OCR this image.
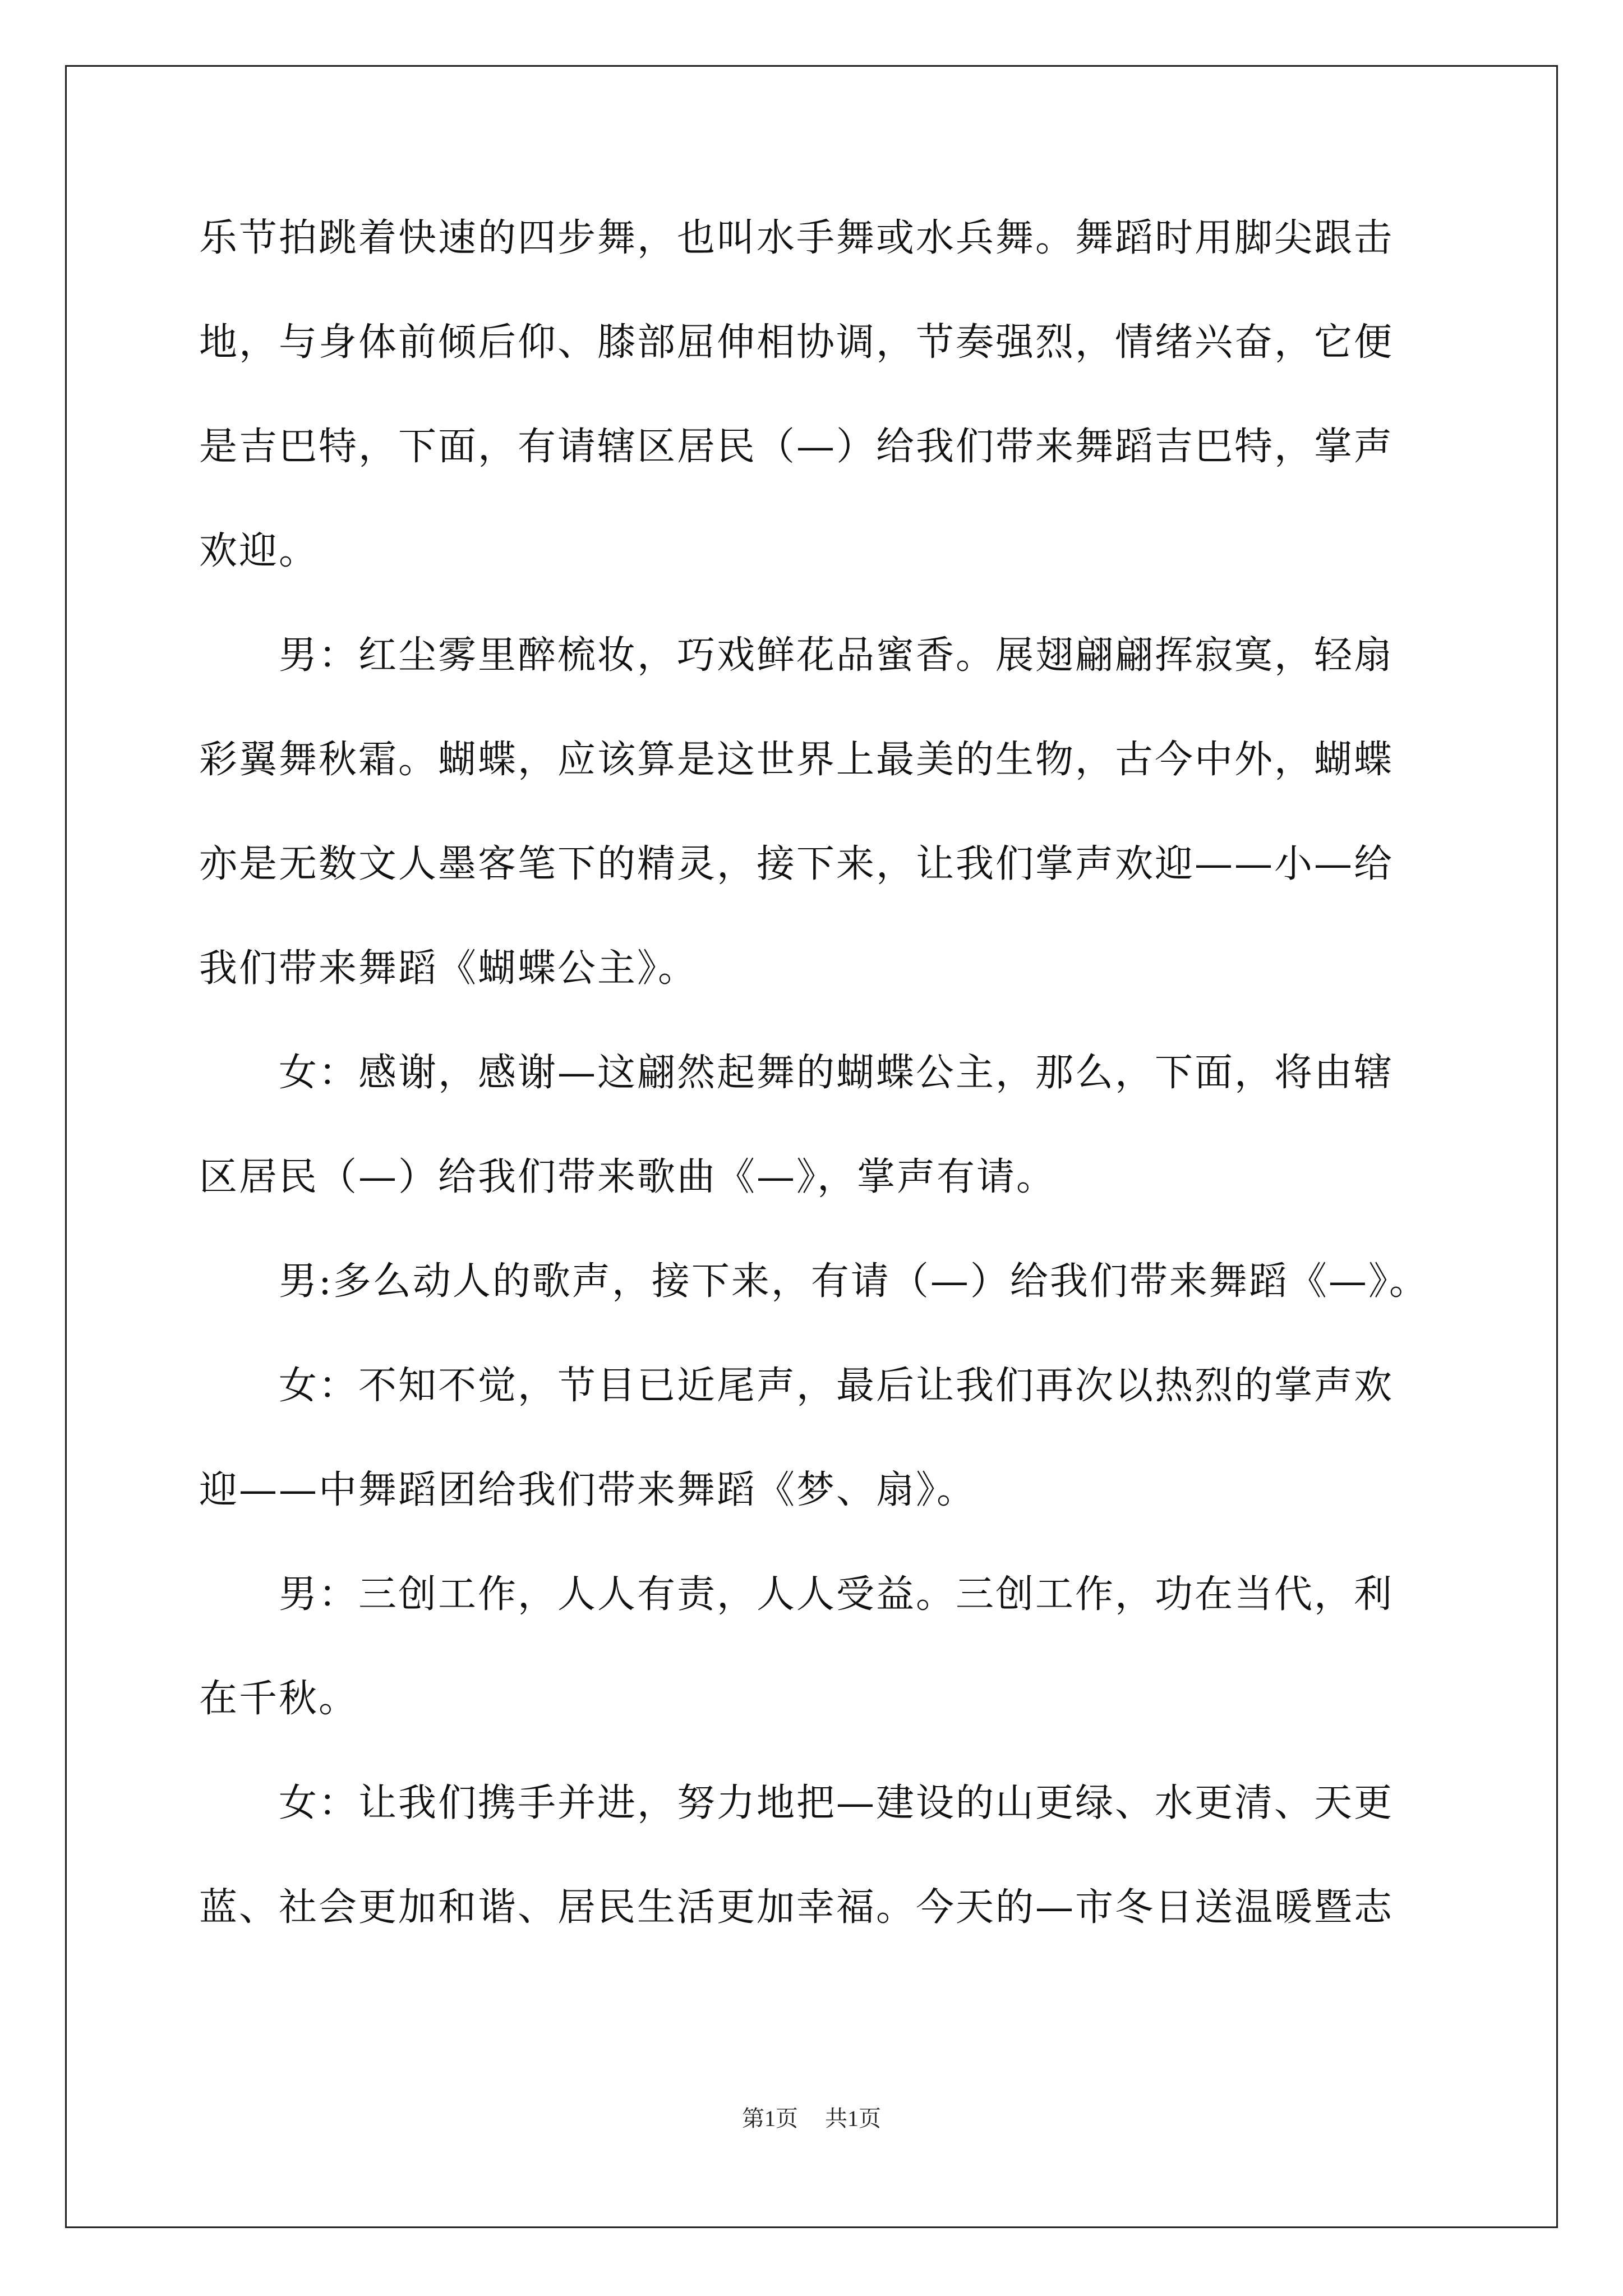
乐节拍跳着快速的四步舞，也叫水手舞或水兵舞。舞蹈时用脚尖跟击
地，与身体前倾后仰、膝部屈伸相协调，节奏强烈，情绪兴奋，它便
是吉巴特，下面，有请辖区居民（—）给我们带来舞蹈吉巴特，掌声
欢迎。
　　男：红尘雾里醉梳妆，巧戏鲜花品蜜香。展翅翩翩挥寂寞，轻扇
彩翼舞秋霜。蝴蝶，应该算是这世界上最美的生物，古今中外，蝴蝶
亦是无数文人墨客笔下的精灵，接下来，让我们掌声欢迎——小—给
我们带来舞蹈《蝴蝶公主》。
　　女：感谢，感谢—这翩然起舞的蝴蝶公主，那么，下面，将由辖
区居民（—）给我们带来歌曲《—》，掌声有请。
　　男:多么动人的歌声，接下来，有请（—）给我们带来舞蹈《—》。
　　女：不知不觉，节目已近尾声，最后让我们再次以热烈的掌声欢
迎——中舞蹈团给我们带来舞蹈《梦、扇》。
　　男：三创工作，人人有责，人人受益。三创工作，功在当代，利
在千秋。
　　女：让我们携手并进，努力地把—建设的山更绿、水更清、天更
蓝、社会更加和谐、居民生活更加幸福。今天的—市冬日送温暖暨志
第1页 共1页
